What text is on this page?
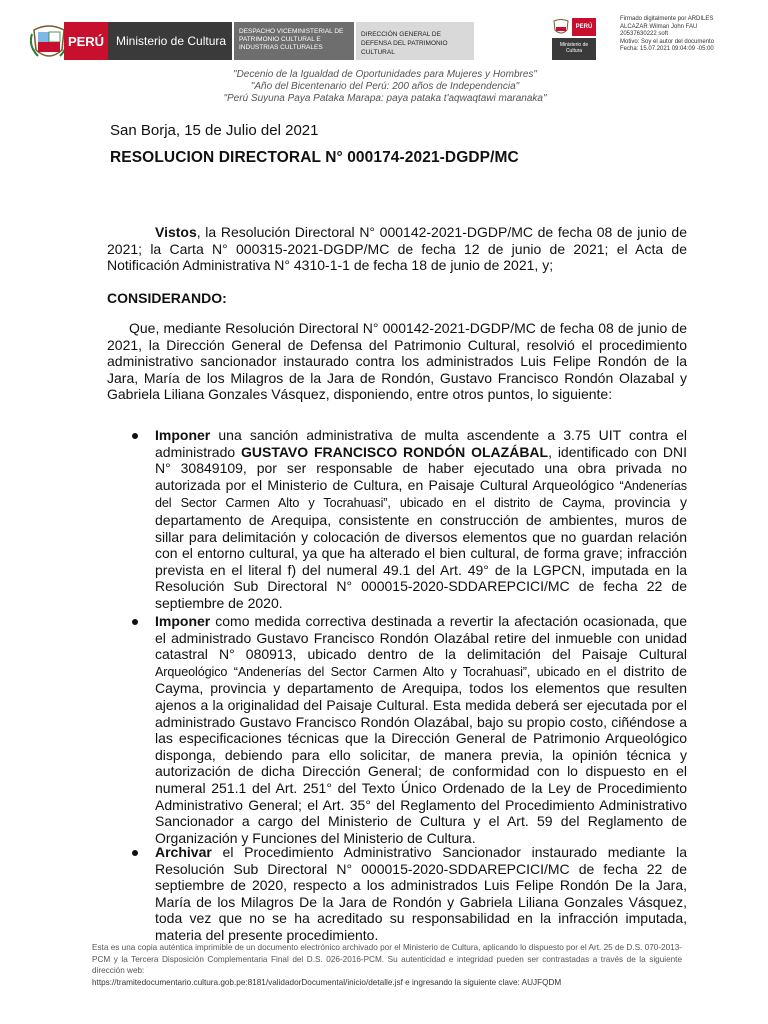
PERÚ Ministerio de Cultura
DESPACHO VICEMINISTERIAL DE PATRIMONIO CULTURAL E INDUSTRIAS CULTURALES
DIRECCIÓN GENERAL DE DEFENSA DEL PATRIMONIO CULTURAL
PERÚ
Ministerio de Cultura

Firmado digitalmente por ARDILES

ALCAZAR Wilman John FAU

20537630222 soft

Motivo: Soy el autor del documento

Fecha: 15.07.2021 09:04:09 -05:00

"Decenio de la Igualdad de Oportunidades para Mujeres y Hombres"

"Año del Bicentenario del Perú: 200 años de Independencia"

"Perú Suyuna Paya Pataka Marapa: paya pataka t'aqwaqtawi maranaka"

San Borja, 15 de Julio del 2021
RESOLUCION DIRECTORAL N° 000174-2021-DGDP/MC
Vistos, la Resolución Directoral N° 000142-2021-DGDP/MC de fecha 08 de junio de 2021; la Carta N° 000315-2021-DGDP/MC de fecha 12 de junio de 2021; el Acta de Notificación Administrativa N° 4310-1-1 de fecha 18 de junio de 2021, y;
CONSIDERANDO:
Que, mediante Resolución Directoral N° 000142-2021-DGDP/MC de fecha 08 de junio de 2021, la Dirección General de Defensa del Patrimonio Cultural, resolvió el procedimiento administrativo sancionador instaurado contra los administrados Luis Felipe Rondón de la Jara, María de los Milagros de la Jara de Rondón, Gustavo Francisco Rondón Olazabal y Gabriela Liliana Gonzales Vásquez, disponiendo, entre otros puntos, lo siguiente:
Imponer una sanción administrativa de multa ascendente a 3.75 UIT contra el administrado GUSTAVO FRANCISCO RONDÓN OLAZÁBAL, identificado con DNI N° 30849109, por ser responsable de haber ejecutado una obra privada no autorizada por el Ministerio de Cultura, en Paisaje Cultural Arqueológico “Andenerías del Sector Carmen Alto y Tocrahuasi”, ubicado en el distrito de Cayma, provincia y departamento de Arequipa, consistente en construcción de ambientes, muros de sillar para delimitación y colocación de diversos elementos que no guardan relación con el entorno cultural, ya que ha alterado el bien cultural, de forma grave; infracción prevista en el literal f) del numeral 49.1 del Art. 49° de la LGPCN, imputada en la Resolución Sub Directoral N° 000015-2020-SDDAREPCICI/MC de fecha 22 de septiembre de 2020.
Imponer como medida correctiva destinada a revertir la afectación ocasionada, que el administrado Gustavo Francisco Rondón Olazábal retire del inmueble con unidad catastral N° 080913, ubicado dentro de la delimitación del Paisaje Cultural Arqueológico “Andenerías del Sector Carmen Alto y Tocrahuasi”, ubicado en el distrito de Cayma, provincia y departamento de Arequipa, todos los elementos que resulten ajenos a la originalidad del Paisaje Cultural. Esta medida deberá ser ejecutada por el administrado Gustavo Francisco Rondón Olazábal, bajo su propio costo, ciñéndose a las especificaciones técnicas que la Dirección General de Patrimonio Arqueológico disponga, debiendo para ello solicitar, de manera previa, la opinión técnica y autorización de dicha Dirección General; de conformidad con lo dispuesto en el numeral 251.1 del Art. 251° del Texto Único Ordenado de la Ley de Procedimiento Administrativo General; el Art. 35° del Reglamento del Procedimiento Administrativo Sancionador a cargo del Ministerio de Cultura y el Art. 59 del Reglamento de Organización y Funciones del Ministerio de Cultura.
Archivar el Procedimiento Administrativo Sancionador instaurado mediante la Resolución Sub Directoral N° 000015-2020-SDDAREPCICI/MC de fecha 22 de septiembre de 2020, respecto a los administrados Luis Felipe Rondón De la Jara, María de los Milagros De la Jara de Rondón y Gabriela Liliana Gonzales Vásquez, toda vez que no se ha acreditado su responsabilidad en la infracción imputada, materia del presente procedimiento.

Esta es una copia auténtica imprimible de un documento electrónico archivado por el Ministerio de Cultura, aplicando lo dispuesto por el Art. 25 de D.S. 070-2013-PCM y la Tercera Disposición Complementaria Final del D.S. 026-2016-PCM. Su autenticidad e integridad pueden ser contrastadas a través de la siguiente dirección web:

https://tramitedocumentario.cultura.gob.pe:8181/validadorDocumental/inicio/detalle.jsf e ingresando la siguiente clave: AUJFQDM
